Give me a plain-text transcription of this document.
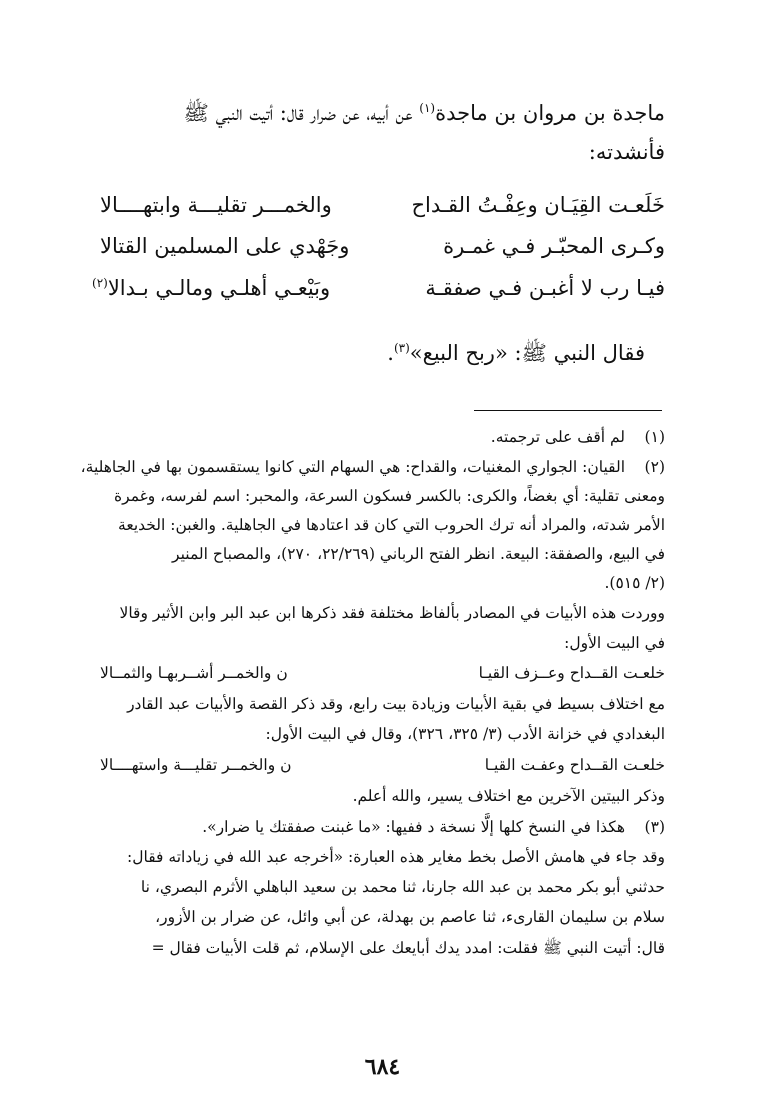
ماجدة بن مروان بن ماجدة$^{(١)}$ عن أبيه، عن ضرار قال: أتيت النبي ﷺ
فأنشدته:
خَلَعـت القِيَـان وعِفْـتُ القـداح
والخمـــر تقليـــة وابتهــــالا
وكـرى المحبّـر فـي غمـرة
وجَهْدي على المسلمين القتالا
فيـا رب لا أغبـن فـي صفقـة
وبَيْعـي أهلـي ومالـي بـدالا$^{(٢)}$
فقال النبي ﷺ: «ربح البيع»$^{(٣)}$.
(١)
لم أقف على ترجمته.
(٢)
القيان: الجواري المغنيات، والقداح: هي السهام التي كانوا يستقسمون بها في الجاهلية،
ومعنى تقلية: أي بغضاً، والكرى: بالكسر فسكون السرعة، والمحبر: اسم لفرسه، وغمرة
الأمر شدته، والمراد أنه ترك الحروب التي كان قد اعتادها في الجاهلية. والغبن: الخديعة
في البيع، والصفقة: البيعة. انظر الفتح الرباني (٢٢/٢٦٩، ٢٧٠)، والمصباح المنير
(٢/ ٥١٥).
ووردت هذه الأبيات في المصادر بألفاظ مختلفة فقد ذكرها ابن عبد البر وابن الأثير وقالا
في البيت الأول:
خلعـت القــداح وعــزف القيـا
ن والخمــر أشــربهـا والثمــالا
مع اختلاف بسيط في بقية الأبيات وزيادة بيت رابع، وقد ذكر القصة والأبيات عبد القادر
البغدادي في خزانة الأدب (٣/ ٣٢٥، ٣٢٦)، وقال في البيت الأول:
خلعـت القــداح وعفـت القيـا
ن والخمــر تقليـــة واستهــــالا
وذكر البيتين الآخرين مع اختلاف يسير، والله أعلم.
(٣)
هكذا في النسخ كلها إلَّا نسخة د ففيها: «ما غبنت صفقتك يا ضرار».
وقد جاء في هامش الأصل بخط مغاير هذه العبارة: «أخرجه عبد الله في زياداته فقال:
حدثني أبو بكر محمد بن عبد الله جارنا، ثنا محمد بن سعيد الباهلي الأثرم البصري، نا
سلام بن سليمان القارىء، ثنا عاصم بن بهدلة، عن أبي وائل، عن ضرار بن الأزور،
قال: أتيت النبي ﷺ فقلت: امدد يدك أبايعك على الإسلام، ثم قلت الأبيات فقال =
٦٨٤
